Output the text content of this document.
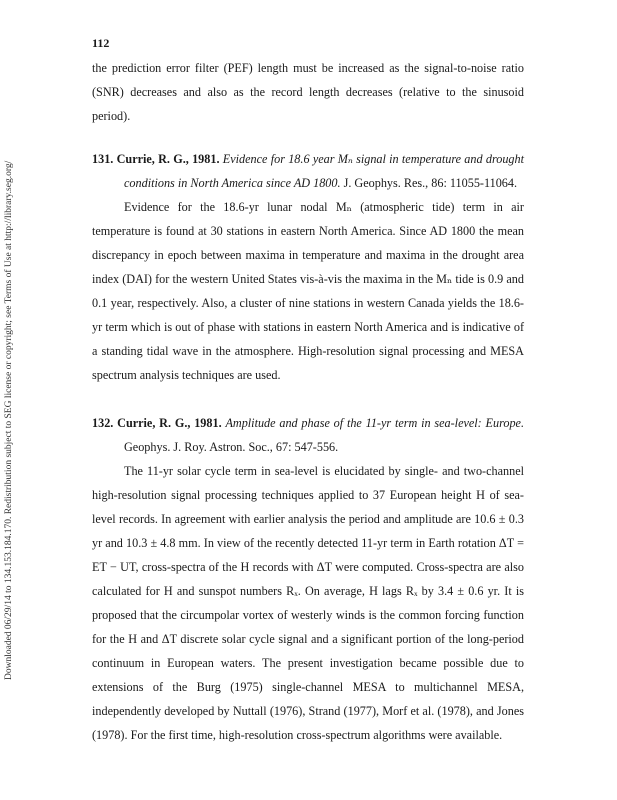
Downloaded 06/29/14 to 134.153.184.170. Redistribution subject to SEG license or copyright; see Terms of Use at http://library.seg.org/
112

the prediction error filter (PEF) length must be increased as the signal-to-noise ratio (SNR) decreases and also as the record length decreases (relative to the sinusoid period).

131. Currie, R. G., 1981. Evidence for 18.6 year Mₙ signal in temperature and drought conditions in North America since AD 1800. J. Geophys. Res., 86: 11055-11064.

Evidence for the 18.6-yr lunar nodal Mₙ (atmospheric tide) term in air temperature is found at 30 stations in eastern North America. Since AD 1800 the mean discrepancy in epoch between maxima in temperature and maxima in the drought area index (DAI) for the western United States vis-à-vis the maxima in the Mₙ tide is 0.9 and 0.1 year, respectively. Also, a cluster of nine stations in western Canada yields the 18.6-yr term which is out of phase with stations in eastern North America and is indicative of a standing tidal wave in the atmosphere. High-resolution signal processing and MESA spectrum analysis techniques are used.

132. Currie, R. G., 1981. Amplitude and phase of the 11-yr term in sea-level: Europe. Geophys. J. Roy. Astron. Soc., 67: 547-556.

The 11-yr solar cycle term in sea-level is elucidated by single- and two-channel high-resolution signal processing techniques applied to 37 European height H of sea-level records. In agreement with earlier analysis the period and amplitude are 10.6 ± 0.3 yr and 10.3 ± 4.8 mm. In view of the recently detected 11-yr term in Earth rotation ΔT = ET − UT, cross-spectra of the H records with ΔT were computed. Cross-spectra are also calculated for H and sunspot numbers Rₓ. On average, H lags Rₓ by 3.4 ± 0.6 yr. It is proposed that the circumpolar vortex of westerly winds is the common forcing function for the H and ΔT discrete solar cycle signal and a significant portion of the long-period continuum in European waters. The present investigation became possible due to extensions of the Burg (1975) single-channel MESA to multichannel MESA, independently developed by Nuttall (1976), Strand (1977), Morf et al. (1978), and Jones (1978). For the first time, high-resolution cross-spectrum algorithms were available.
